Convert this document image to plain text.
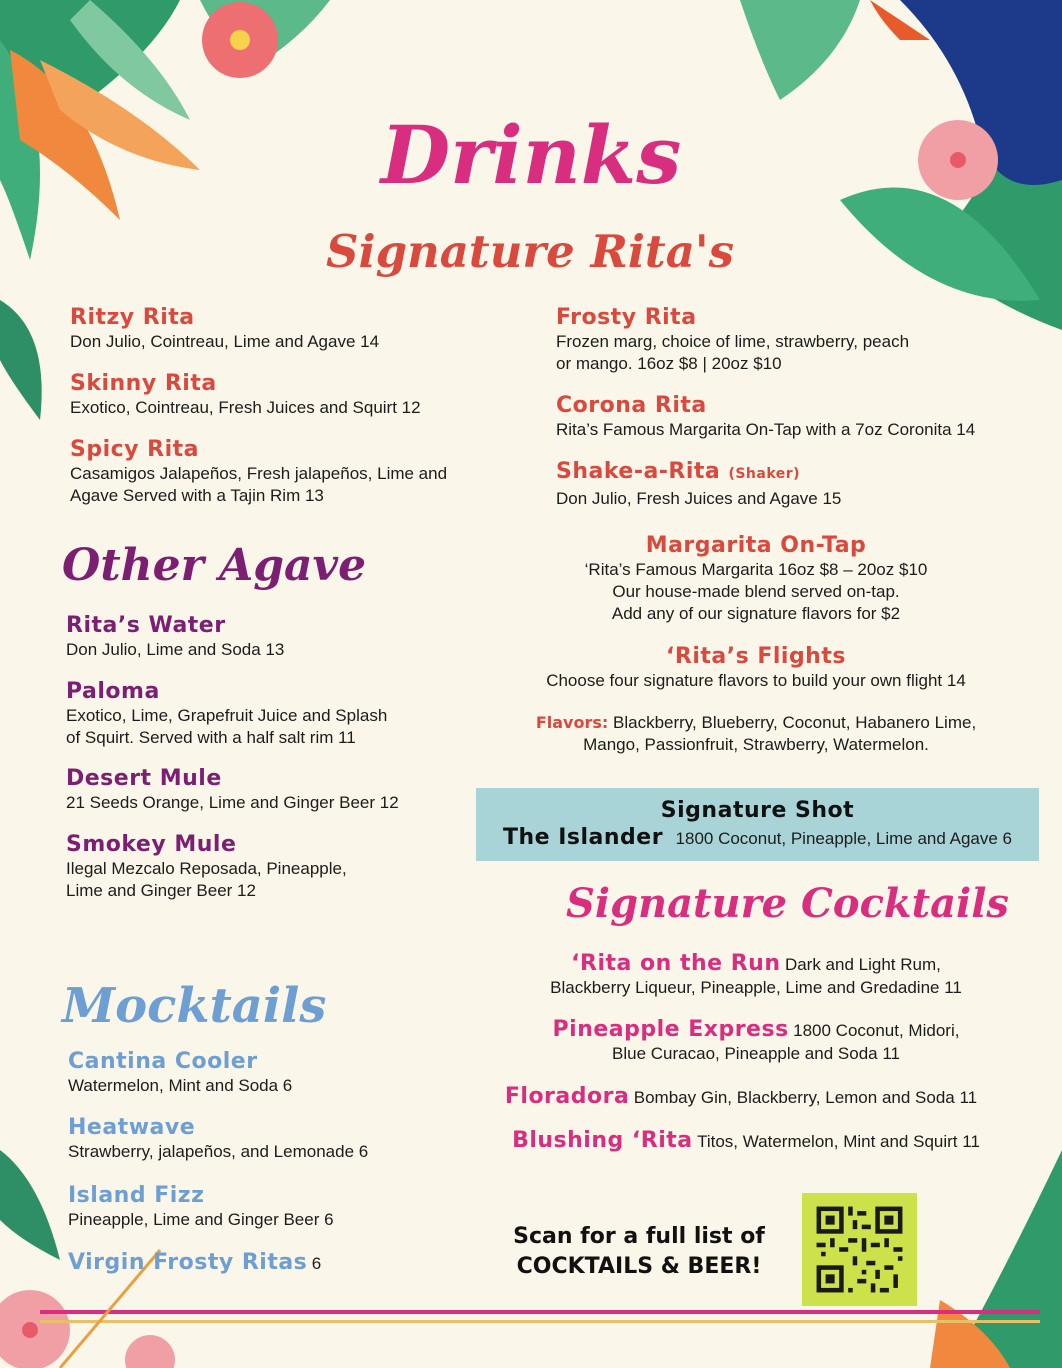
Drinks
Signature Rita's
Ritzy Rita
Don Julio, Cointreau, Lime and Agave 14
Skinny Rita
Exotico, Cointreau, Fresh Juices and Squirt 12
Spicy Rita
Casamigos Jalapeños, Fresh jalapeños, Lime and
Agave Served with a Tajin Rim 13
Frosty Rita
Frozen marg, choice of lime, strawberry, peach
or mango. 16oz $8 | 20oz $10
Corona Rita
Rita’s Famous Margarita On-Tap with a 7oz Coronita 14
Shake-a-Rita (Shaker)
Don Julio, Fresh Juices and Agave 15
Margarita On-Tap
‘Rita’s Famous Margarita 16oz $8 – 20oz $10
Our house-made blend served on-tap.
Add any of our signature flavors for $2
‘Rita’s Flights
Choose four signature flavors to build your own flight 14
Flavors: Blackberry, Blueberry, Coconut, Habanero Lime,
Mango, Passionfruit, Strawberry, Watermelon.
Other Agave
Rita’s Water
Don Julio, Lime and Soda 13
Paloma
Exotico, Lime, Grapefruit Juice and Splash
of Squirt. Served with a half salt rim 11
Desert Mule
21 Seeds Orange, Lime and Ginger Beer 12
Smokey Mule
Ilegal Mezcalo Reposada, Pineapple,
Lime and Ginger Beer 12
Signature Shot
The Islander 1800 Coconut, Pineapple, Lime and Agave 6
Signature Cocktails
‘Rita on the Run Dark and Light Rum,
Blackberry Liqueur, Pineapple, Lime and Gredadine 11
Pineapple Express 1800 Coconut, Midori,
Blue Curacao, Pineapple and Soda 11
Floradora Bombay Gin, Blackberry, Lemon and Soda 11
Blushing ‘Rita Titos, Watermelon, Mint and Squirt 11
Mocktails
Cantina Cooler
Watermelon, Mint and Soda 6
Heatwave
Strawberry, jalapeños, and Lemonade 6
Island Fizz
Pineapple, Lime and Ginger Beer 6
Virgin Frosty Ritas 6
Scan for a full list of
COCKTAILS & BEER!
